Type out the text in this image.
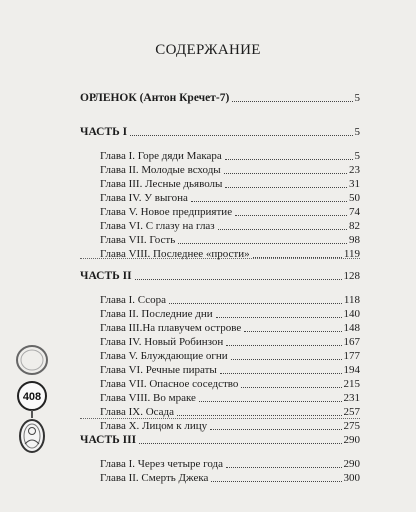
СОДЕРЖАНИЕ
ОРЛЕНОК (Антон Кречет-7)	5
ЧАСТЬ I	5
Глава I. Горе дяди Макара	5
Глава II. Молодые всходы	23
Глава III. Лесные дьяволы	31
Глава IV. У выгона	50
Глава V. Новое предприятие	74
Глава VI. С глазу на глаз	82
Глава VII. Гость	98
Глава VIII. Последнее «прости»	119
ЧАСТЬ II	128
Глава I. Ссора	118
Глава II. Последние дни	140
Глава III.На плавучем острове	148
Глава IV. Новый Робинзон	167
Глава V. Блуждающие огни	177
Глава VI. Речные пираты	194
Глава VII. Опасное соседство	215
Глава VIII. Во мраке	231
Глава IX. Осада	257
Глава X. Лицом к лицу	275
ЧАСТЬ III	290
Глава I. Через четыре года	290
Глава II. Смерть Джека	300
408
